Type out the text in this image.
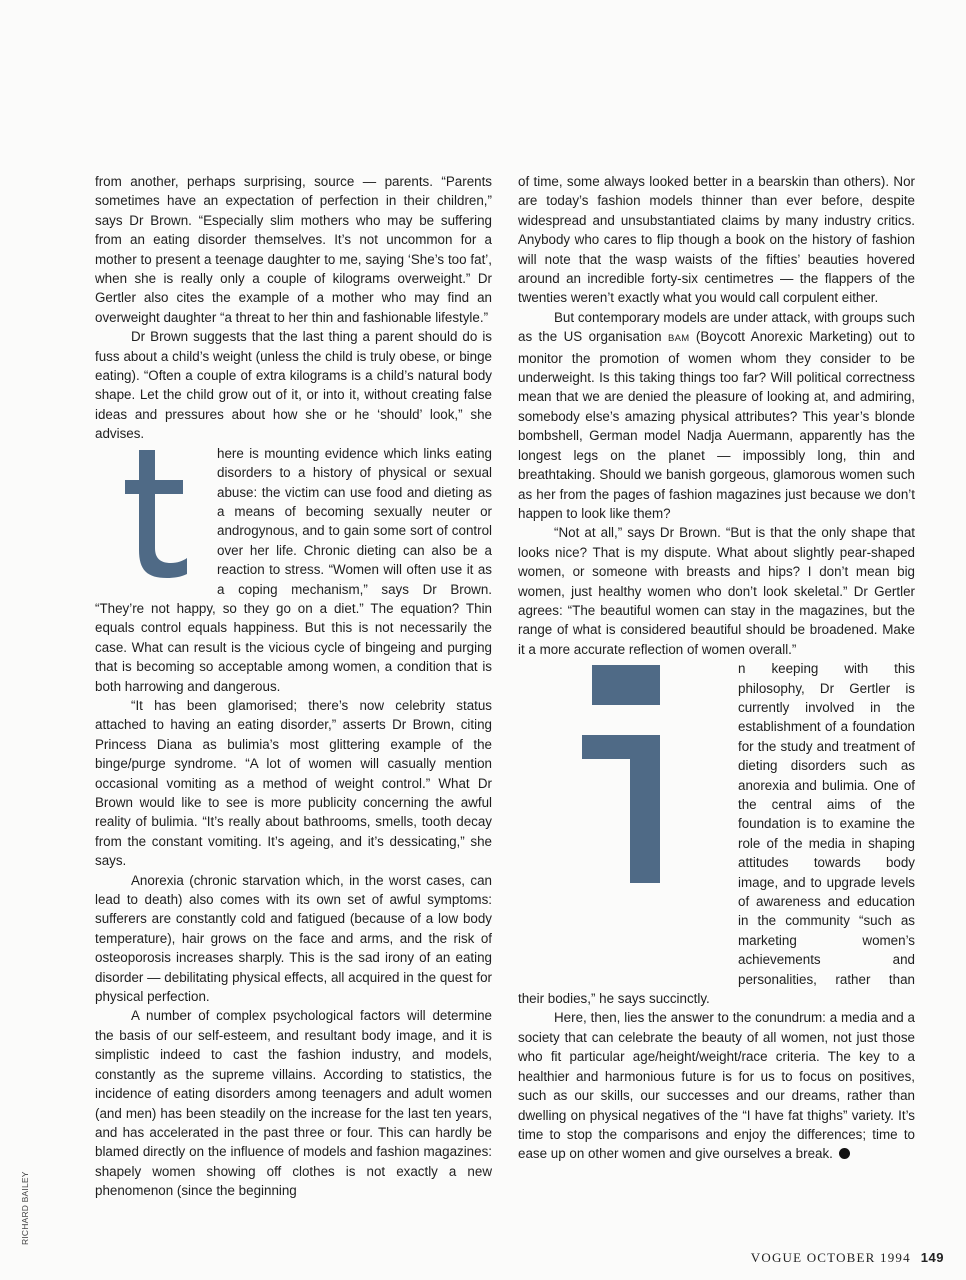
RICHARD BAILEY

from another, perhaps surprising, source — parents. “Parents sometimes have an expectation of perfection in their children,” says Dr Brown. “Especially slim mothers who may be suffering from an eating disorder themselves. It’s not uncommon for a mother to present a teenage daughter to me, saying ‘She’s too fat’, when she is really only a couple of kilograms overweight.” Dr Gertler also cites the example of a mother who may find an overweight daughter “a threat to her thin and fashionable lifestyle.”

Dr Brown suggests that the last thing a parent should do is fuss about a child’s weight (unless the child is truly obese, or binge eating). “Often a couple of extra kilograms is a child’s natural body shape. Let the child grow out of it, or into it, without creating false ideas and pressures about how she or he ‘should’ look,” she advises.

here is mounting evidence which links eating disorders to a history of physical or sexual abuse: the victim can use food and dieting as a means of becoming sexually neuter or androgynous, and to gain some sort of control over her life. Chronic dieting can also be a reaction to stress. “Women will often use it as a coping mechanism,” says Dr Brown. “They’re not happy, so they go on a diet.” The equation? Thin equals control equals happiness. But this is not necessarily the case. What can result is the vicious cycle of bingeing and purging that is becoming so acceptable among women, a condition that is both harrowing and dangerous.

“It has been glamorised; there’s now celebrity status attached to having an eating disorder,” asserts Dr Brown, citing Princess Diana as bulimia’s most glittering example of the binge/purge syndrome. “A lot of women will casually mention occasional vomiting as a method of weight control.” What Dr Brown would like to see is more publicity concerning the awful reality of bulimia. “It’s really about bathrooms, smells, tooth decay from the constant vomiting. It’s ageing, and it’s dessicating,” she says.

Anorexia (chronic starvation which, in the worst cases, can lead to death) also comes with its own set of awful symptoms: sufferers are constantly cold and fatigued (because of a low body temperature), hair grows on the face and arms, and the risk of osteoporosis increases sharply. This is the sad irony of an eating disorder — debilitating physical effects, all acquired in the quest for physical perfection.

A number of complex psychological factors will determine the basis of our self-esteem, and resultant body image, and it is simplistic indeed to cast the fashion industry, and models, constantly as the supreme villains. According to statistics, the incidence of eating disorders among teenagers and adult women (and men) has been steadily on the increase for the last ten years, and has accelerated in the past three or four. This can hardly be blamed directly on the influence of models and fashion magazines: shapely women showing off clothes is not exactly a new phenomenon (since the beginning

of time, some always looked better in a bearskin than others). Nor are today’s fashion models thinner than ever before, despite widespread and unsubstantiated claims by many industry critics. Anybody who cares to flip though a book on the history of fashion will note that the wasp waists of the fifties’ beauties hovered around an incredible forty-six centimetres — the flappers of the twenties weren’t exactly what you would call corpulent either.

But contemporary models are under attack, with groups such as the US organisation BAM (Boycott Anorexic Marketing) out to monitor the promotion of women whom they consider to be underweight. Is this taking things too far? Will political correctness mean that we are denied the pleasure of looking at, and admiring, somebody else’s amazing physical attributes? This year’s blonde bombshell, German model Nadja Auermann, apparently has the longest legs on the planet — impossibly long, thin and breathtaking. Should we banish gorgeous, glamorous women such as her from the pages of fashion magazines just because we don’t happen to look like them?

“Not at all,” says Dr Brown. “But is that the only shape that looks nice? That is my dispute. What about slightly pear-shaped women, or someone with breasts and hips? I don’t mean big women, just healthy women who don’t look skeletal.” Dr Gertler agrees: “The beautiful women can stay in the magazines, but the range of what is considered beautiful should be broadened. Make it a more accurate reflection of women overall.”

n keeping with this philosophy, Dr Gertler is currently involved in the establishment of a foundation for the study and treatment of dieting disorders such as anorexia and bulimia. One of the central aims of the foundation is to examine the role of the media in shaping attitudes towards body image, and to upgrade levels of awareness and education in the community “such as marketing women’s achievements and personalities, rather than their bodies,” he says succinctly.

Here, then, lies the answer to the conundrum: a media and a society that can celebrate the beauty of all women, not just those who fit particular age/height/weight/race criteria. The key to a healthier and harmonious future is for us to focus on positives, such as our skills, our successes and our dreams, rather than dwelling on physical negatives of the “I have fat thighs” variety. It’s time to stop the comparisons and enjoy the differences; time to ease up on other women and give ourselves a break.

VOGUE OCTOBER 1994 149
